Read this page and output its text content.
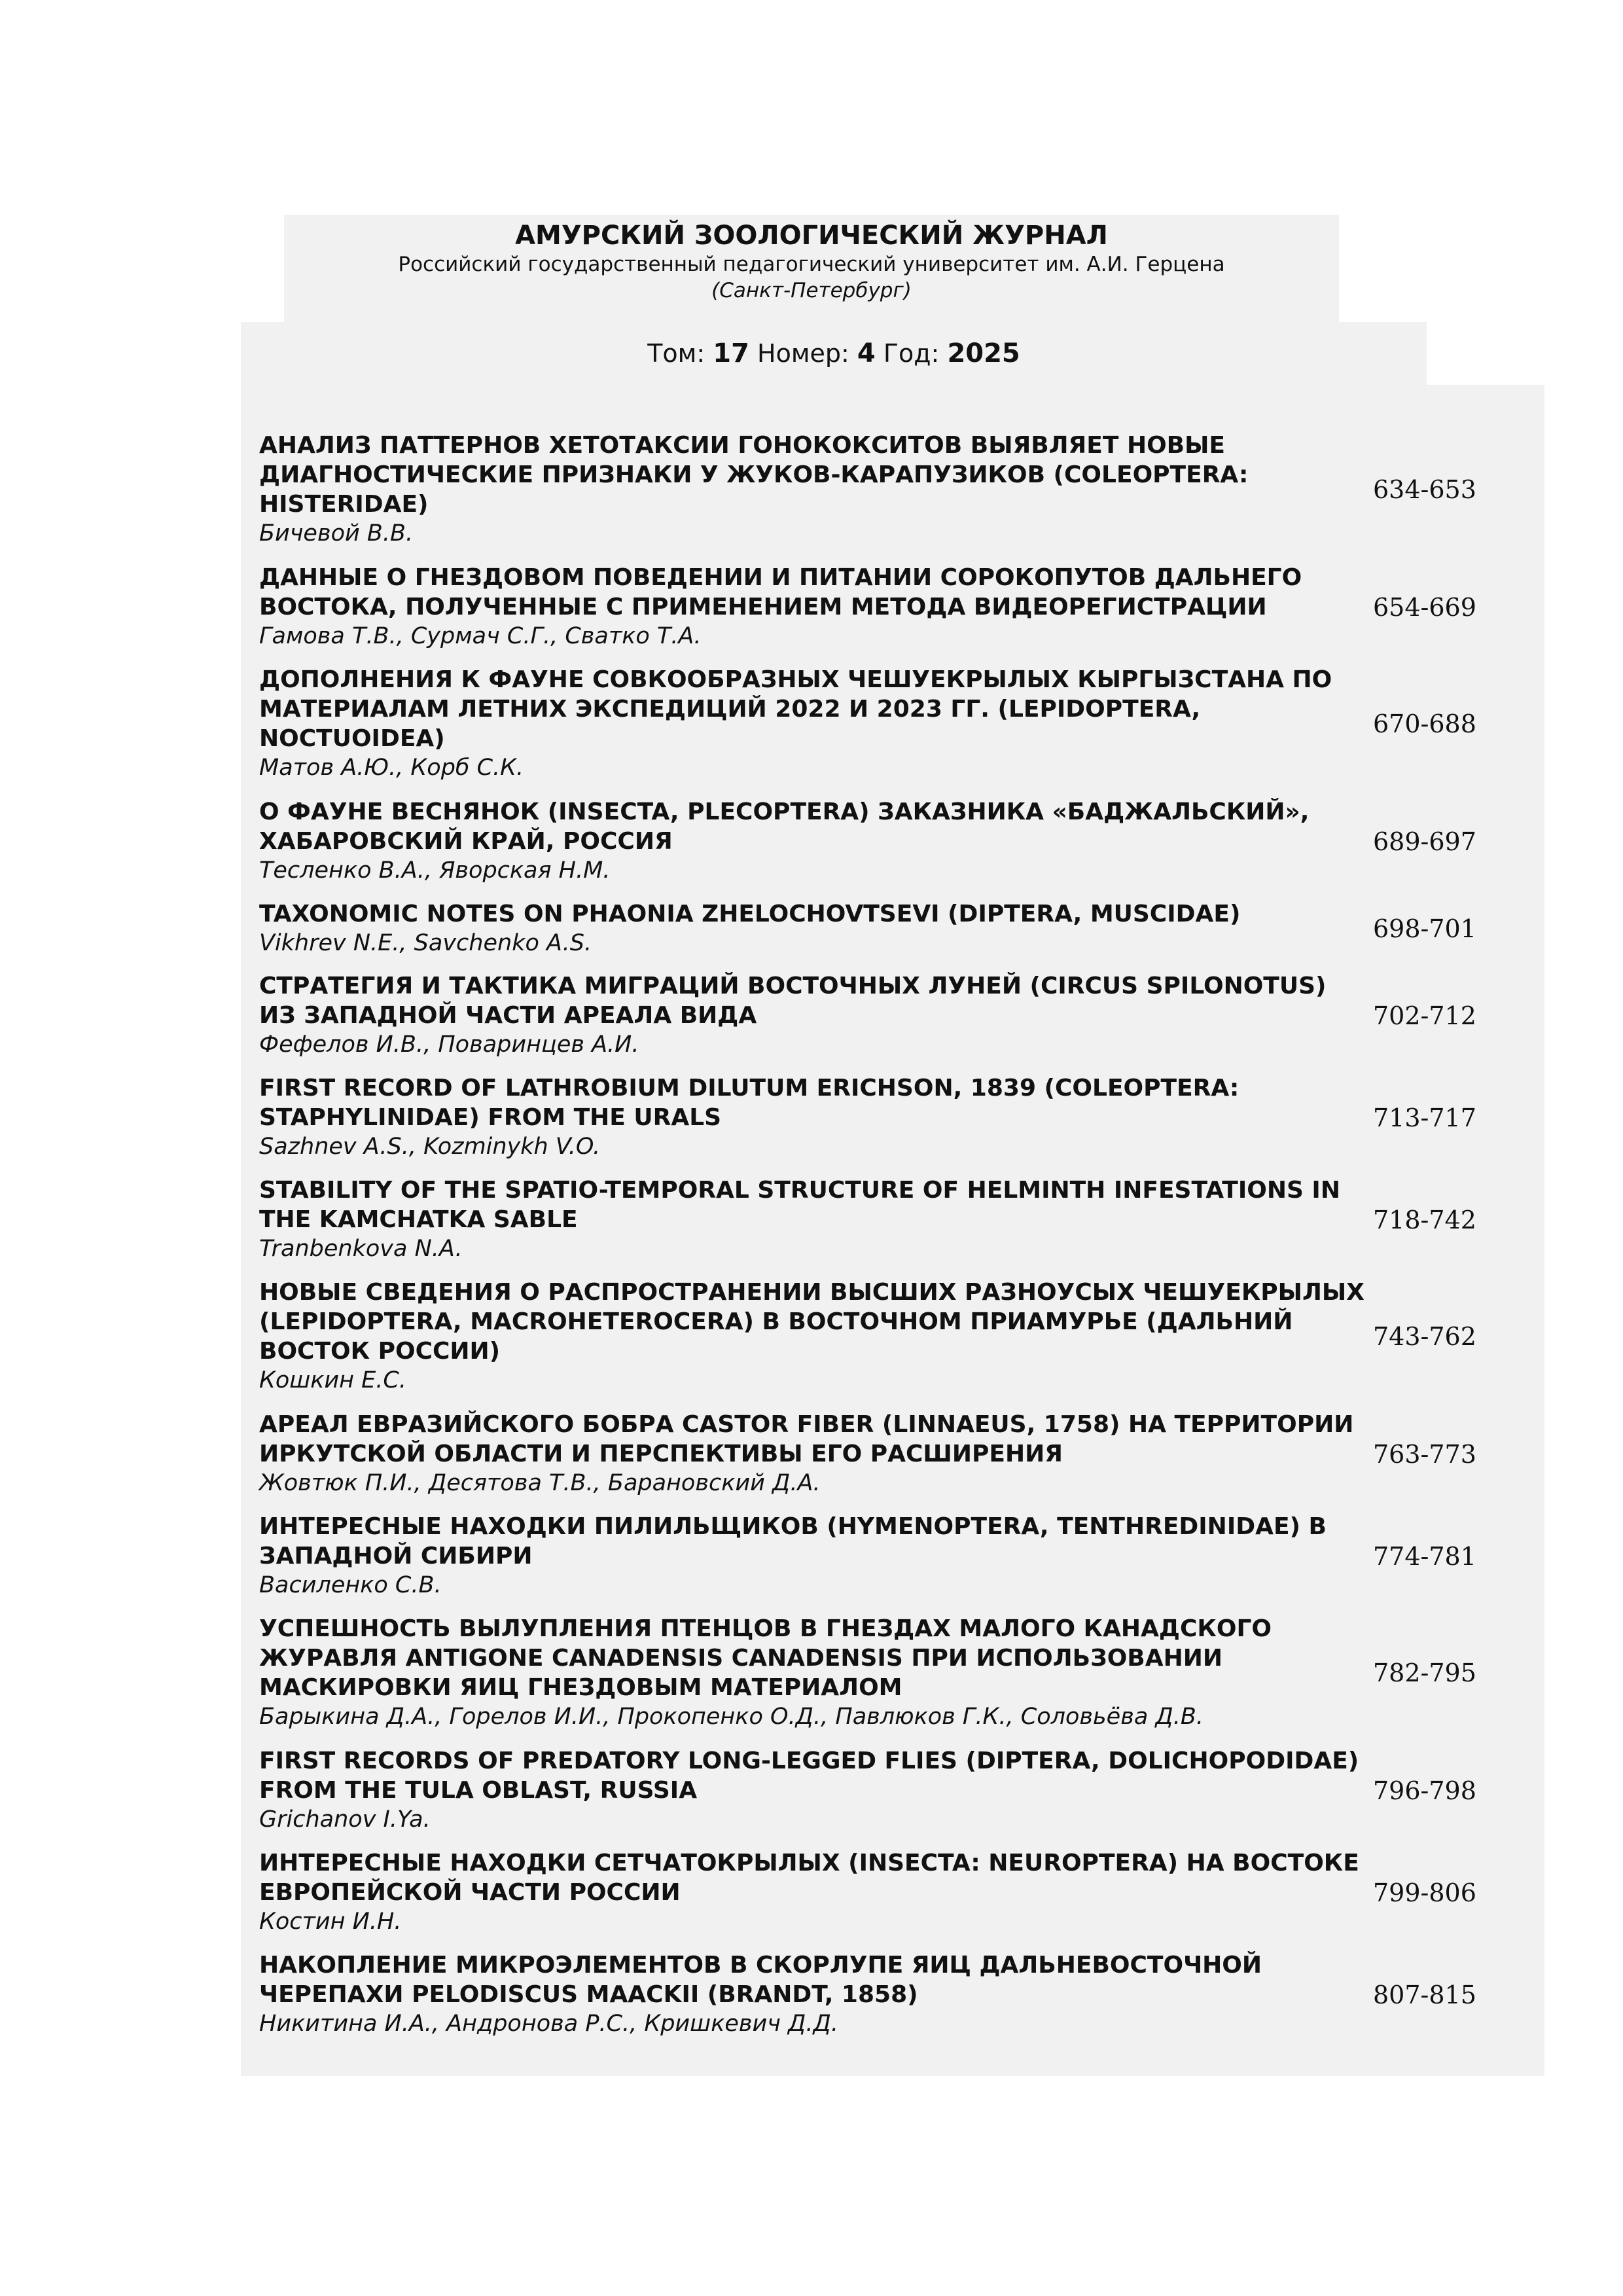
АМУРСКИЙ ЗООЛОГИЧЕСКИЙ ЖУРНАЛ
Российский государственный педагогический университет им. А.И. Герцена
(Санкт-Петербург)
Том: 17 Номер: 4 Год: 2025
АНАЛИЗ ПАТТЕРНОВ ХЕТОТАКСИИ ГОНОКОКСИТОВ ВЫЯВЛЯЕТ НОВЫЕ ДИАГНОСТИЧЕСКИЕ ПРИЗНАКИ У ЖУКОВ-КАРАПУЗИКОВ (COLEOPTERA: HISTERIDAE)
Бичевой В.В.
634-653
ДАННЫЕ О ГНЕЗДОВОМ ПОВЕДЕНИИ И ПИТАНИИ СОРОКОПУТОВ ДАЛЬНЕГО ВОСТОКА, ПОЛУЧЕННЫЕ С ПРИМЕНЕНИЕМ МЕТОДА ВИДЕОРЕГИСТРАЦИИ
Гамова Т.В., Сурмач С.Г., Сватко Т.А.
654-669
ДОПОЛНЕНИЯ К ФАУНЕ СОВКООБРАЗНЫХ ЧЕШУЕКРЫЛЫХ КЫРГЫЗСТАНА ПО МАТЕРИАЛАМ ЛЕТНИХ ЭКСПЕДИЦИЙ 2022 И 2023 ГГ. (LEPIDOPTERA, NOCTUOIDEA)
Матов А.Ю., Корб С.К.
670-688
О ФАУНЕ ВЕСНЯНОК (INSECTA, PLECOPTERA) ЗАКАЗНИКА «БАДЖАЛЬСКИЙ», ХАБАРОВСКИЙ КРАЙ, РОССИЯ
Тесленко В.А., Яворская Н.М.
689-697
TAXONOMIC NOTES ON PHAONIA ZHELOCHOVTSEVI (DIPTERA, MUSCIDAE)
Vikhrev N.E., Savchenko A.S.	698-701
СТРАТЕГИЯ И ТАКТИКА МИГРАЦИЙ ВОСТОЧНЫХ ЛУНЕЙ (CIRCUS SPILONOTUS) ИЗ ЗАПАДНОЙ ЧАСТИ АРЕАЛА ВИДА
Фефелов И.В., Поваринцев А.И.
702-712
FIRST RECORD OF LATHROBIUM DILUTUM ERICHSON, 1839 (COLEOPTERA: STAPHYLINIDAE) FROM THE URALS
Sazhnev A.S., Kozminykh V.O.
713-717
STABILITY OF THE SPATIO-TEMPORAL STRUCTURE OF HELMINTH INFESTATIONS IN THE KAMCHATKA SABLE
Tranbenkova N.A.
718-742
НОВЫЕ СВЕДЕНИЯ О РАСПРОСТРАНЕНИИ ВЫСШИХ РАЗНОУСЫХ ЧЕШУЕКРЫЛЫХ (LEPIDOPTERA, MACROHETEROCERA) В ВОСТОЧНОМ ПРИАМУРЬЕ (ДАЛЬНИЙ ВОСТОК РОССИИ)
Кошкин Е.С.
743-762
АРЕАЛ ЕВРАЗИЙСКОГО БОБРА CASTOR FIBER (LINNAEUS, 1758) НА ТЕРРИТОРИИ ИРКУТСКОЙ ОБЛАСТИ И ПЕРСПЕКТИВЫ ЕГО РАСШИРЕНИЯ
Жовтюк П.И., Десятова Т.В., Барановский Д.А.
763-773
ИНТЕРЕСНЫЕ НАХОДКИ ПИЛИЛЬЩИКОВ (HYMENOPTERA, TENTHREDINIDAE) В ЗАПАДНОЙ СИБИРИ
Василенко С.В.
774-781
УСПЕШНОСТЬ ВЫЛУПЛЕНИЯ ПТЕНЦОВ В ГНЕЗДАХ МАЛОГО КАНАДСКОГО ЖУРАВЛЯ ANTIGONE CANADENSIS CANADENSIS ПРИ ИСПОЛЬЗОВАНИИ МАСКИРОВКИ ЯИЦ ГНЕЗДОВЫМ МАТЕРИАЛОМ
Барыкина Д.А., Горелов И.И., Прокопенко О.Д., Павлюков Г.К., Соловьёва Д.В.
782-795
FIRST RECORDS OF PREDATORY LONG-LEGGED FLIES (DIPTERA, DOLICHOPODIDAE) FROM THE TULA OBLAST, RUSSIA
Grichanov I.Ya.
796-798
ИНТЕРЕСНЫЕ НАХОДКИ СЕТЧАТОКРЫЛЫХ (INSECTA: NEUROPTERA) НА ВОСТОКЕ ЕВРОПЕЙСКОЙ ЧАСТИ РОССИИ
Костин И.Н.
799-806
НАКОПЛЕНИЕ МИКРОЭЛЕМЕНТОВ В СКОРЛУПЕ ЯИЦ ДАЛЬНЕВОСТОЧНОЙ ЧЕРЕПАХИ PELODISCUS MAACKII (BRANDT, 1858)
Никитина И.А., Андронова Р.С., Кришкевич Д.Д.
807-815
